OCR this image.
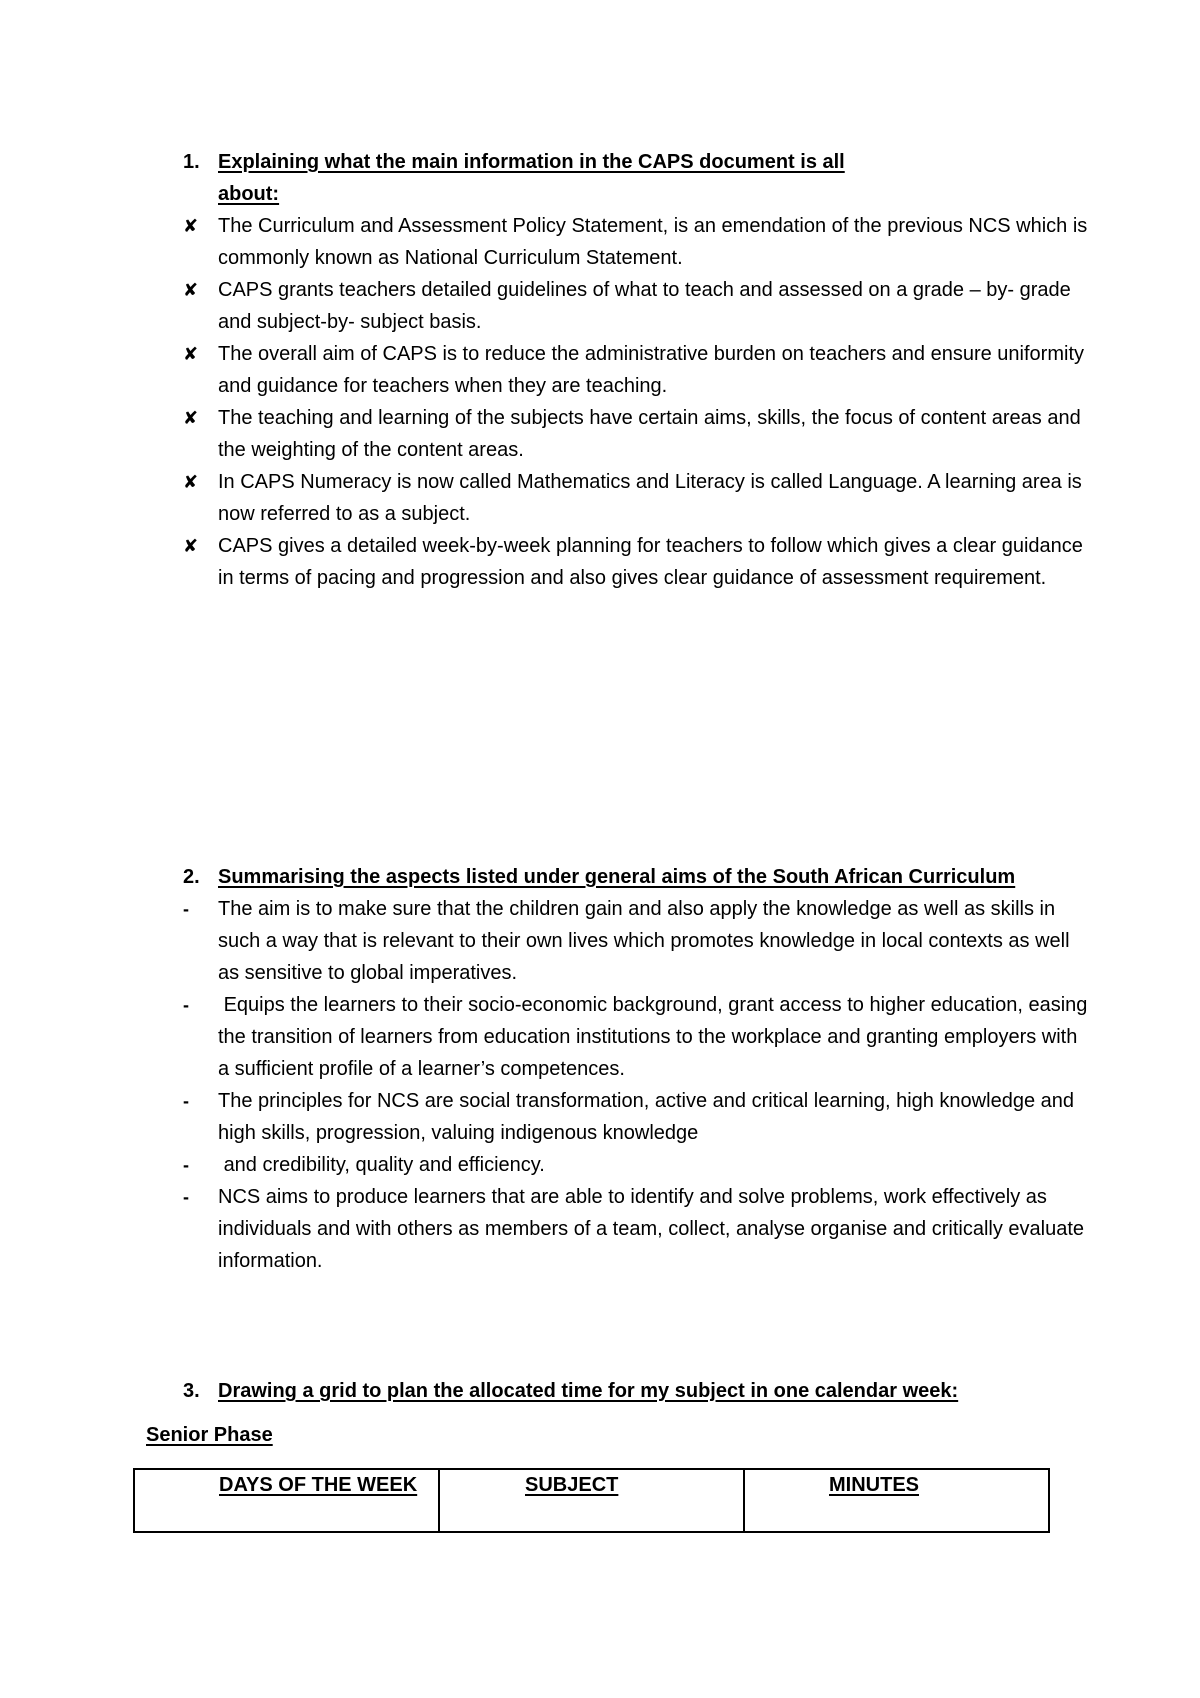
1. Explaining what the main information in the CAPS document is all
about:
✘ The Curriculum and Assessment Policy Statement, is an emendation of the previous NCS which is commonly known as National Curriculum Statement.
✘ CAPS grants teachers detailed guidelines of what to teach and assessed on a grade – by- grade and subject-by- subject basis.
✘ The overall aim of CAPS is to reduce the administrative burden on teachers and ensure uniformity and guidance for teachers when they are teaching.
✘ The teaching and learning of the subjects have certain aims, skills, the focus of content areas and the weighting of the content areas.
✘ In CAPS Numeracy is now called Mathematics and Literacy is called Language. A learning area is now referred to as a subject.
✘ CAPS gives a detailed week-by-week planning for teachers to follow which gives a clear guidance in terms of pacing and progression and also gives clear guidance of assessment requirement.
2. Summarising the aspects listed under general aims of the South African Curriculum
- The aim is to make sure that the children gain and also apply the knowledge as well as skills in such a way that is relevant to their own lives which promotes knowledge in local contexts as well as sensitive to global imperatives.
- Equips the learners to their socio-economic background, grant access to higher education, easing the transition of learners from education institutions to the workplace and granting employers with a sufficient profile of a learner’s competences.
- The principles for NCS are social transformation, active and critical learning, high knowledge and high skills, progression, valuing indigenous knowledge
- and credibility, quality and efficiency.
- NCS aims to produce learners that are able to identify and solve problems, work effectively as individuals and with others as members of a team, collect, analyse organise and critically evaluate information.
3. Drawing a grid to plan the allocated time for my subject in one calendar week:
Senior Phase
DAYS OF THE WEEK	SUBJECT	MINUTES
